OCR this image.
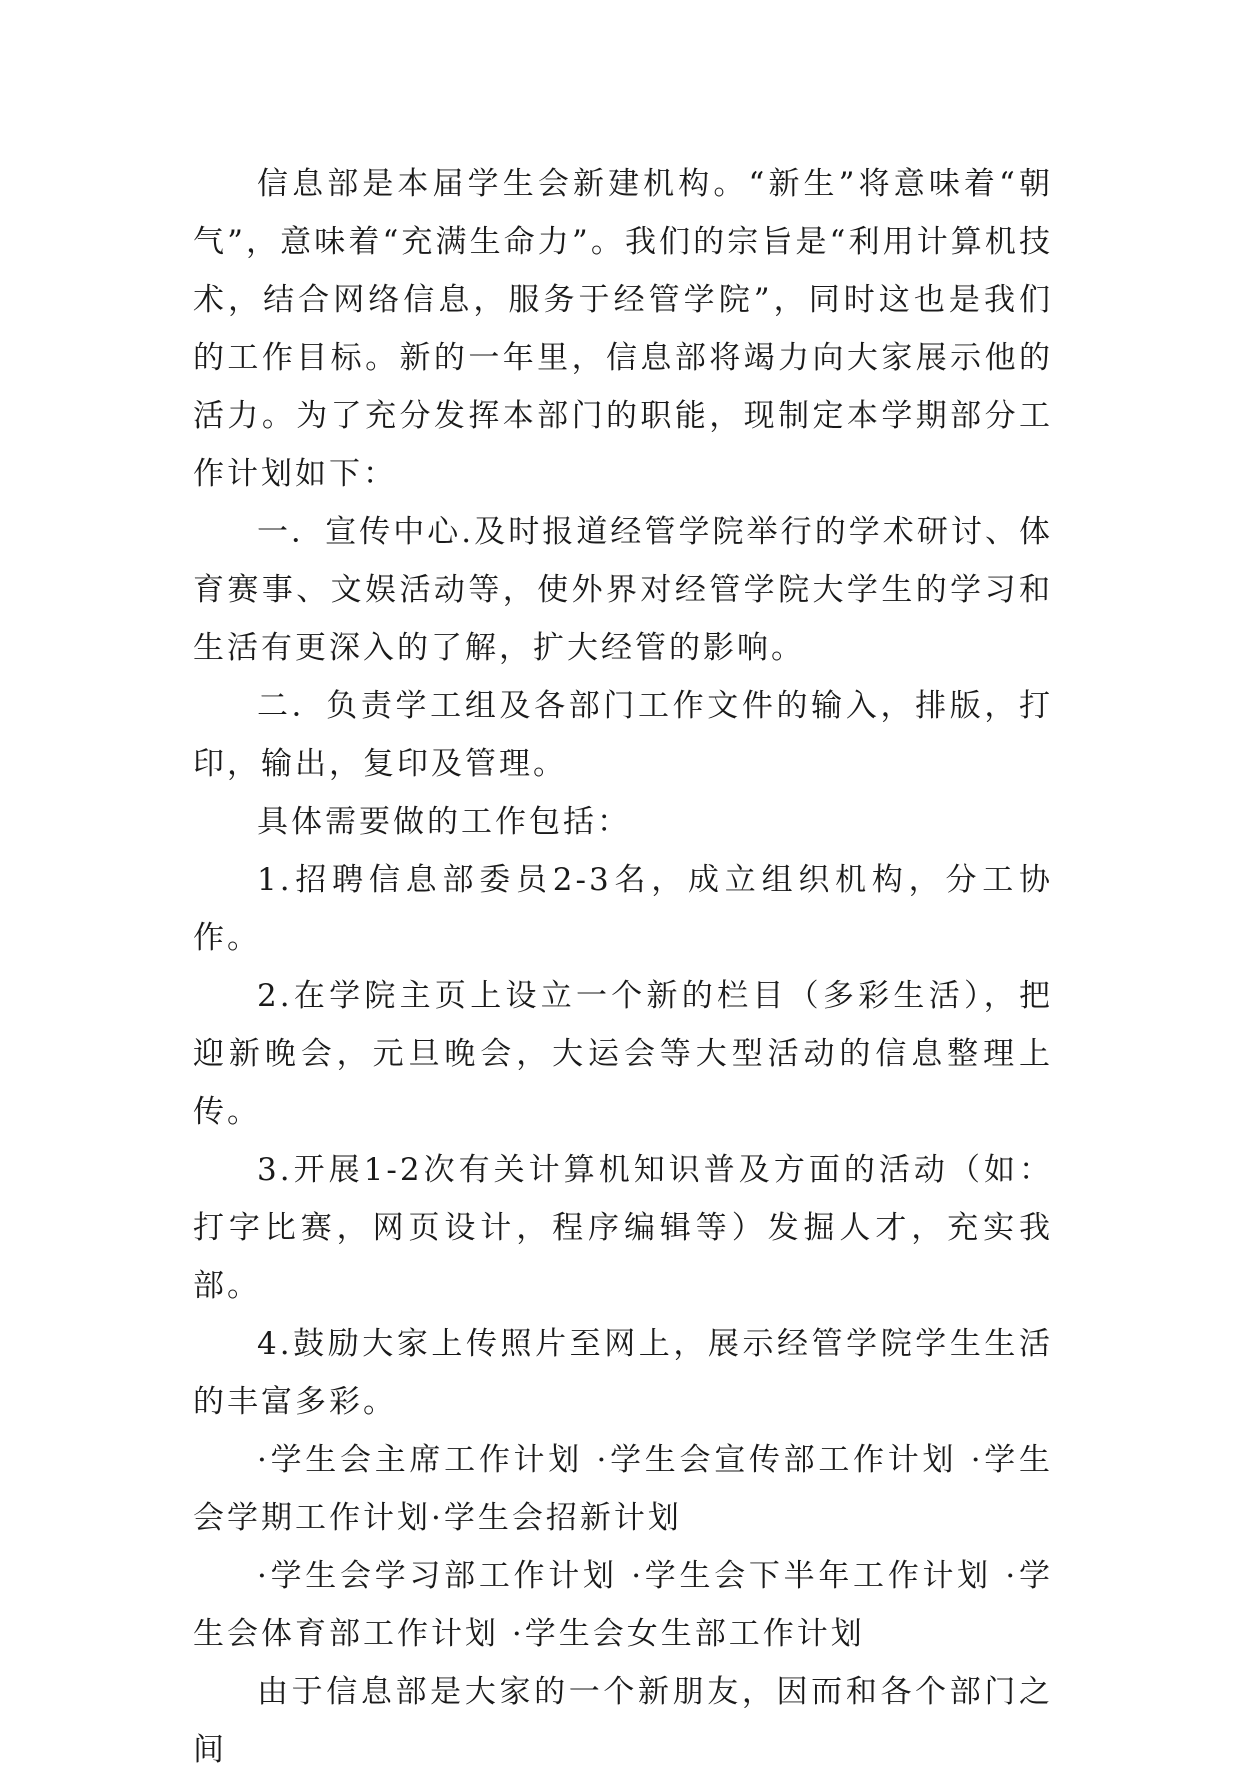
信息部是本届学生会新建机构。“新生”将意味着“朝气”，意味着“充满生命力”。我们的宗旨是“利用计算机技术，结合网络信息，服务于经管学院”，同时这也是我们的工作目标。新的一年里，信息部将竭力向大家展示他的活力。为了充分发挥本部门的职能，现制定本学期部分工作计划如下：

一．宣传中心.及时报道经管学院举行的学术研讨、体育赛事、文娱活动等，使外界对经管学院大学生的学习和生活有更深入的了解，扩大经管的影响。

二．负责学工组及各部门工作文件的输入，排版，打印，输出，复印及管理。

具体需要做的工作包括：

1.招聘信息部委员2-3名，成立组织机构，分工协作。

2.在学院主页上设立一个新的栏目（多彩生活），把迎新晚会，元旦晚会，大运会等大型活动的信息整理上传。

3.开展1-2次有关计算机知识普及方面的活动（如：打字比赛，网页设计，程序编辑等）发掘人才，充实我部。

4.鼓励大家上传照片至网上，展示经管学院学生生活的丰富多彩。

·学生会主席工作计划 ·学生会宣传部工作计划 ·学生会学期工作计划·学生会招新计划

·学生会学习部工作计划 ·学生会下半年工作计划 ·学生会体育部工作计划 ·学生会女生部工作计划

由于信息部是大家的一个新朋友，因而和各个部门之间
